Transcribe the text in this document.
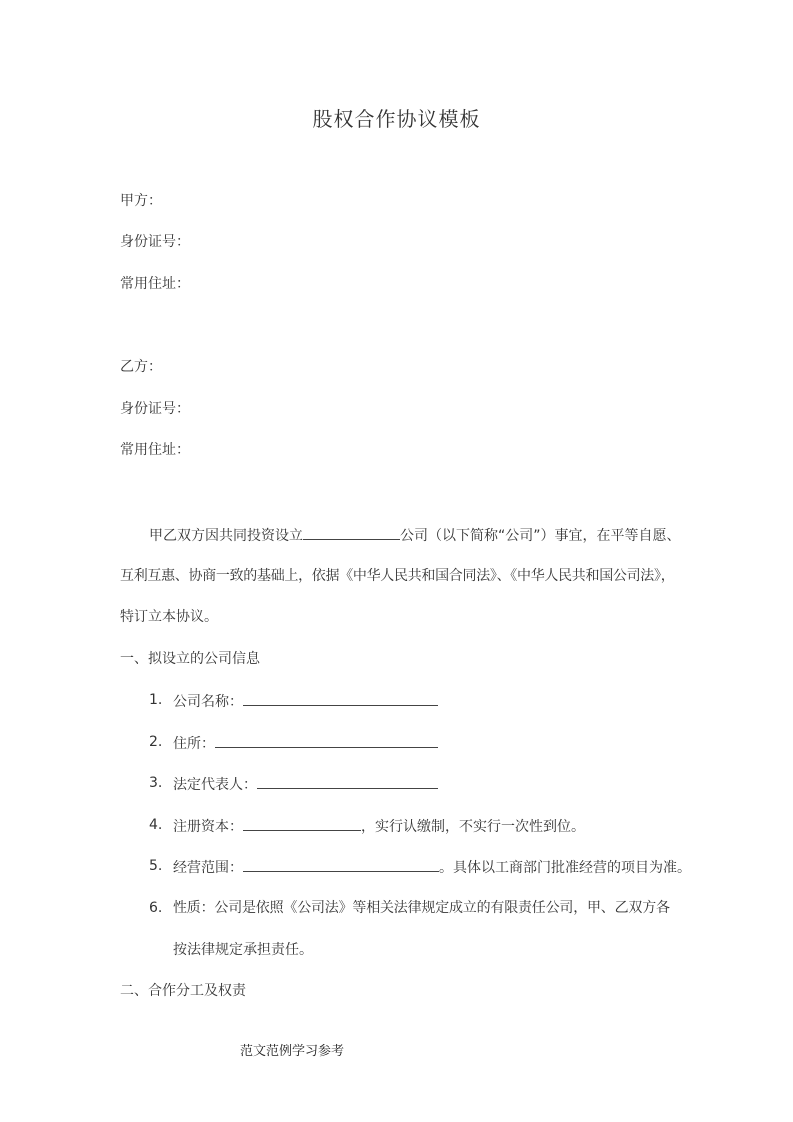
股权合作协议模板
甲方：
身份证号：
常用住址：
乙方：
身份证号：
常用住址：
甲乙双方因共同投资设立	公司（以下简称“公司”）事宜，在平等自愿、
互利互惠、协商一致的基础上，依据《中华人民共和国合同法》、《中华人民共和国公司法》，
特订立本协议。
一、拟设立的公司信息
1. 公司名称：
2. 住所：
3. 法定代表人：
4. 注册资本：	，实行认缴制，不实行一次性到位。
5. 经营范围：	。具体以工商部门批准经营的项目为准。
6. 性质：公司是依照《公司法》等相关法律规定成立的有限责任公司，甲、乙双方各
按法律规定承担责任。
二、合作分工及权责
范文范例学习参考
